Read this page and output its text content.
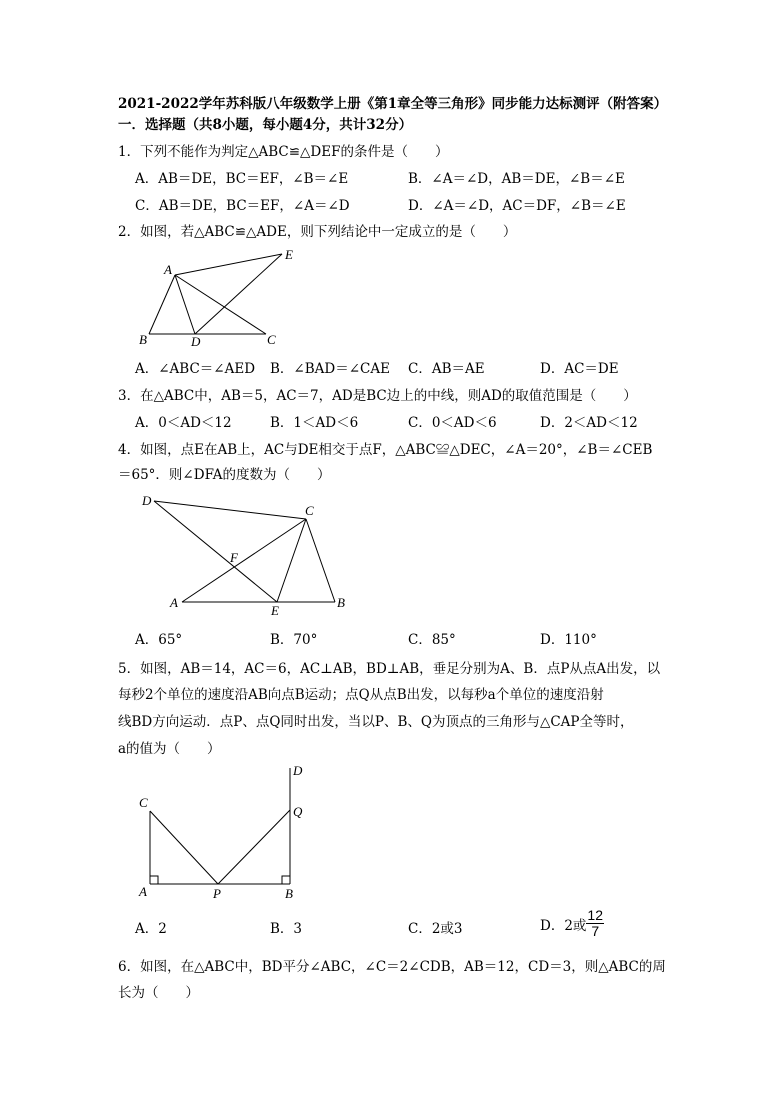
2021-2022学年苏科版八年级数学上册《第1章全等三角形》同步能力达标测评（附答案）
一．选择题（共8小题，每小题4分，共计32分）
1．下列不能作为判定△ABC≌△DEF的条件是（　　）
A．AB＝DE，BC＝EF，∠B＝∠E	B．∠A＝∠D，AB＝DE，∠B＝∠E
C．AB＝DE，BC＝EF，∠A＝∠D	D．∠A＝∠D，AC＝DF，∠B＝∠E
2．如图，若△ABC≌△ADE，则下列结论中一定成立的是（　　）
A
E
B	D	C
A．∠ABC＝∠AED B．∠BAD＝∠CAE C．AB＝AE	D．AC＝DE
3．在△ABC中，AB＝5，AC＝7，AD是BC边上的中线，则AD的取值范围是（　　）
A．0＜AD＜12	B．1＜AD＜6	C．0＜AD＜6	D．2＜AD＜12
4．如图，点E在AB上，AC与DE相交于点F，△ABC≌△DEC，∠A＝20°，∠B＝∠CEB
＝65°．则∠DFA的度数为（　　）
D
C
F
A
E
B
A．65°	B．70°	C．85°	D．110°
5．如图，AB＝14，AC＝6，AC⊥AB，BD⊥AB，垂足分别为A、B．点P从点A出发，以
每秒2个单位的速度沿AB向点B运动；点Q从点B出发，以每秒a个单位的速度沿射
线BD方向运动．点P、点Q同时出发，当以P、B、Q为顶点的三角形与△CAP全等时，
a的值为（　　）
D
C
Q
A	P	B
A．2	B．3	C．2或3	D．2或 $\frac{12}{7}$
6．如图，在△ABC中，BD平分∠ABC，∠C＝2∠CDB，AB＝12，CD＝3，则△ABC的周
长为（　　）
